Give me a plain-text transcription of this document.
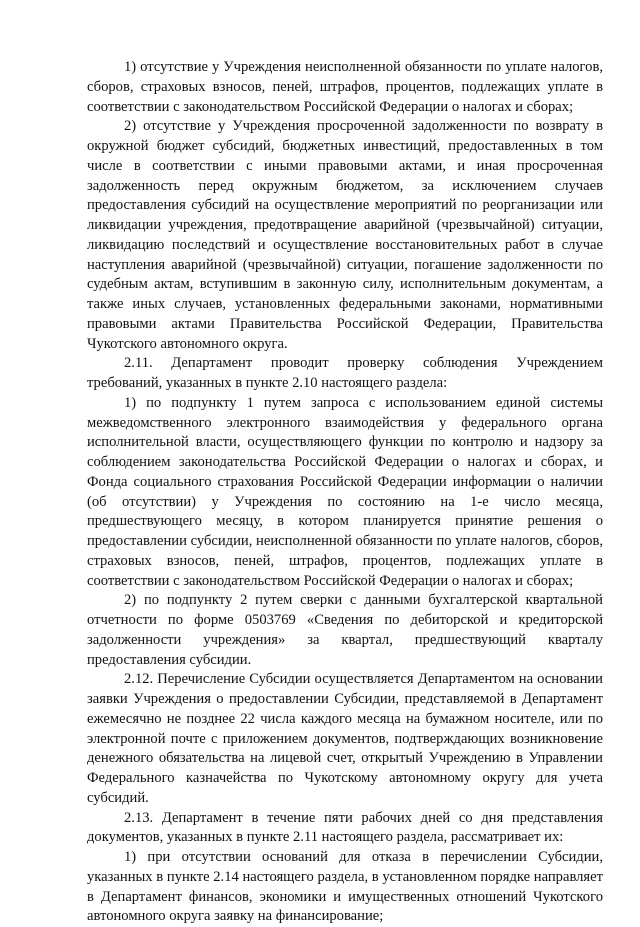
1) отсутствие у Учреждения неисполненной обязанности по уплате налогов, сборов, страховых взносов, пеней, штрафов, процентов, подлежащих уплате в соответствии с законодательством Российской Федерации о налогах и сборах;

2) отсутствие у Учреждения просроченной задолженности по возврату в окружной бюджет субсидий, бюджетных инвестиций, предоставленных в том числе в соответствии с иными правовыми актами, и иная просроченная задолженность перед окружным бюджетом, за исключением случаев предоставления субсидий на осуществление мероприятий по реорганизации или ликвидации учреждения, предотвращение аварийной (чрезвычайной) ситуации, ликвидацию последствий и осуществление восстановительных работ в случае наступления аварийной (чрезвычайной) ситуации, погашение задолженности по судебным актам, вступившим в законную силу, исполнительным документам, а также иных случаев, установленных федеральными законами, нормативными правовыми актами Правительства Российской Федерации, Правительства Чукотского автономного округа.

2.11. Департамент проводит проверку соблюдения Учреждением требований, указанных в пункте 2.10 настоящего раздела:

1) по подпункту 1 путем запроса с использованием единой системы межведомственного электронного взаимодействия у федерального органа исполнительной власти, осуществляющего функции по контролю и надзору за соблюдением законодательства Российской Федерации о налогах и сборах, и Фонда социального страхования Российской Федерации информации о наличии (об отсутствии) у Учреждения по состоянию на 1-е число месяца, предшествующего месяцу, в котором планируется принятие решения о предоставлении субсидии, неисполненной обязанности по уплате налогов, сборов, страховых взносов, пеней, штрафов, процентов, подлежащих уплате в соответствии с законодательством Российской Федерации о налогах и сборах;

2) по подпункту 2 путем сверки с данными бухгалтерской квартальной отчетности по форме 0503769 «Сведения по дебиторской и кредиторской задолженности учреждения» за квартал, предшествующий кварталу предоставления субсидии.

2.12. Перечисление Субсидии осуществляется Департаментом на основании заявки Учреждения о предоставлении Субсидии, представляемой в Департамент ежемесячно не позднее 22 числа каждого месяца на бумажном носителе, или по электронной почте с приложением документов, подтверждающих возникновение денежного обязательства на лицевой счет, открытый Учреждению в Управлении Федерального казначейства по Чукотскому автономному округу для учета субсидий.

2.13. Департамент в течение пяти рабочих дней со дня представления документов, указанных в пункте 2.11 настоящего раздела, рассматривает их:

1) при отсутствии оснований для отказа в перечислении Субсидии, указанных в пункте 2.14 настоящего раздела, в установленном порядке направляет в Департамент финансов, экономики и имущественных отношений Чукотского автономного округа заявку на финансирование;
